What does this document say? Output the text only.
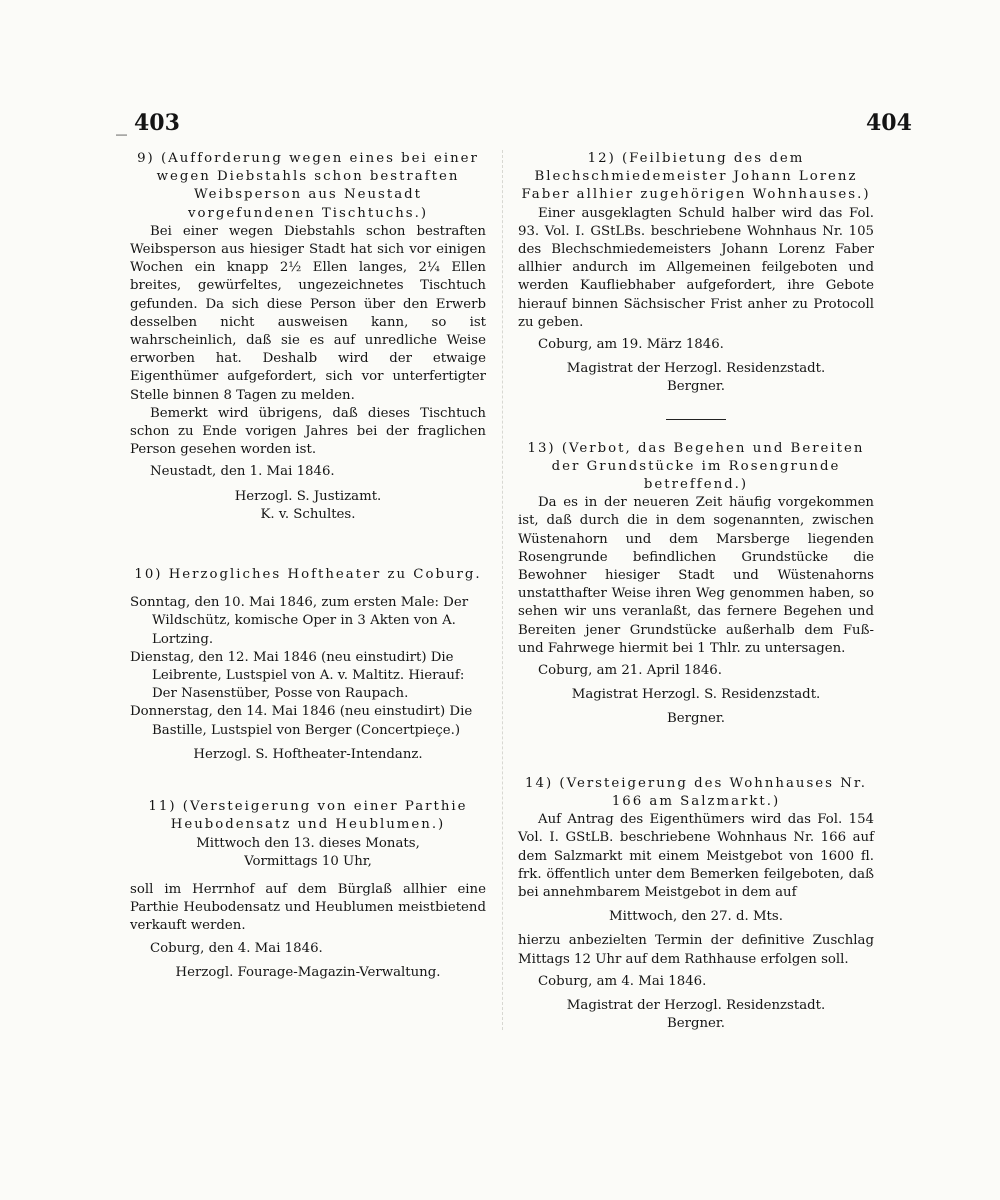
_ 403	404

9) (Aufforderung wegen eines bei einer wegen Diebstahls schon bestraften Weibsperson aus Neustadt vorgefundenen Tischtuchs.)

Bei einer wegen Diebstahls schon bestraften Weibsperson aus hiesiger Stadt hat sich vor einigen Wochen ein knapp 2½ Ellen langes, 2¼ Ellen breites, gewürfeltes, ungezeichnetes Tischtuch gefunden. Da sich diese Person über den Erwerb desselben nicht ausweisen kann, so ist wahrscheinlich, daß sie es auf unredliche Weise erworben hat. Deshalb wird der etwaige Eigenthümer aufgefordert, sich vor unterfertigter Stelle binnen 8 Tagen zu melden.

Bemerkt wird übrigens, daß dieses Tischtuch schon zu Ende vorigen Jahres bei der fraglichen Person gesehen worden ist.

Neustadt, den 1. Mai 1846.

Herzogl. S. Justizamt.

K. v. Schultes.

10) Herzogliches Hoftheater zu Coburg.

Sonntag, den 10. Mai 1846, zum ersten Male: Der Wildschütz, komische Oper in 3 Akten von A. Lortzing.

Dienstag, den 12. Mai 1846 (neu einstudirt) Die Leibrente, Lustspiel von A. v. Maltitz. Hierauf: Der Nasenstüber, Posse von Raupach.

Donnerstag, den 14. Mai 1846 (neu einstudirt) Die Bastille, Lustspiel von Berger (Concertpieçe.)

Herzogl. S. Hoftheater-Intendanz.

11) (Versteigerung von einer Parthie Heubodensatz und Heublumen.)

Mittwoch den 13. dieses Monats,

Vormittags 10 Uhr,

soll im Herrnhof auf dem Bürglaß allhier eine Parthie Heubodensatz und Heublumen meistbietend verkauft werden.

Coburg, den 4. Mai 1846.

Herzogl. Fourage-Magazin-Verwaltung.

12) (Feilbietung des dem Blechschmiedemeister Johann Lorenz Faber allhier zugehörigen Wohnhauses.)

Einer ausgeklagten Schuld halber wird das Fol. 93. Vol. I. GStLBs. beschriebene Wohnhaus Nr. 105 des Blechschmiedemeisters Johann Lorenz Faber allhier andurch im Allgemeinen feilgeboten und werden Kaufliebhaber aufgefordert, ihre Gebote hierauf binnen Sächsischer Frist anher zu Protocoll zu geben.

Coburg, am 19. März 1846.

Magistrat der Herzogl. Residenzstadt.

Bergner.

13) (Verbot, das Begehen und Bereiten der Grundstücke im Rosengrunde betreffend.)

Da es in der neueren Zeit häufig vorgekommen ist, daß durch die in dem sogenannten, zwischen Wüstenahorn und dem Marsberge liegenden Rosengrunde befindlichen Grundstücke die Bewohner hiesiger Stadt und Wüstenahorns unstatthafter Weise ihren Weg genommen haben, so sehen wir uns veranlaßt, das fernere Begehen und Bereiten jener Grundstücke außerhalb dem Fuß- und Fahrwege hiermit bei 1 Thlr. zu untersagen.

Coburg, am 21. April 1846.

Magistrat Herzogl. S. Residenzstadt.

Bergner.

14) (Versteigerung des Wohnhauses Nr. 166 am Salzmarkt.)

Auf Antrag des Eigenthümers wird das Fol. 154 Vol. I. GStLB. beschriebene Wohnhaus Nr. 166 auf dem Salzmarkt mit einem Meistgebot von 1600 fl. frk. öffentlich unter dem Bemerken feilgeboten, daß bei annehmbarem Meistgebot in dem auf

Mittwoch, den 27. d. Mts.

hierzu anbezielten Termin der definitive Zuschlag Mittags 12 Uhr auf dem Rathhause erfolgen soll.

Coburg, am 4. Mai 1846.

Magistrat der Herzogl. Residenzstadt.

Bergner.
